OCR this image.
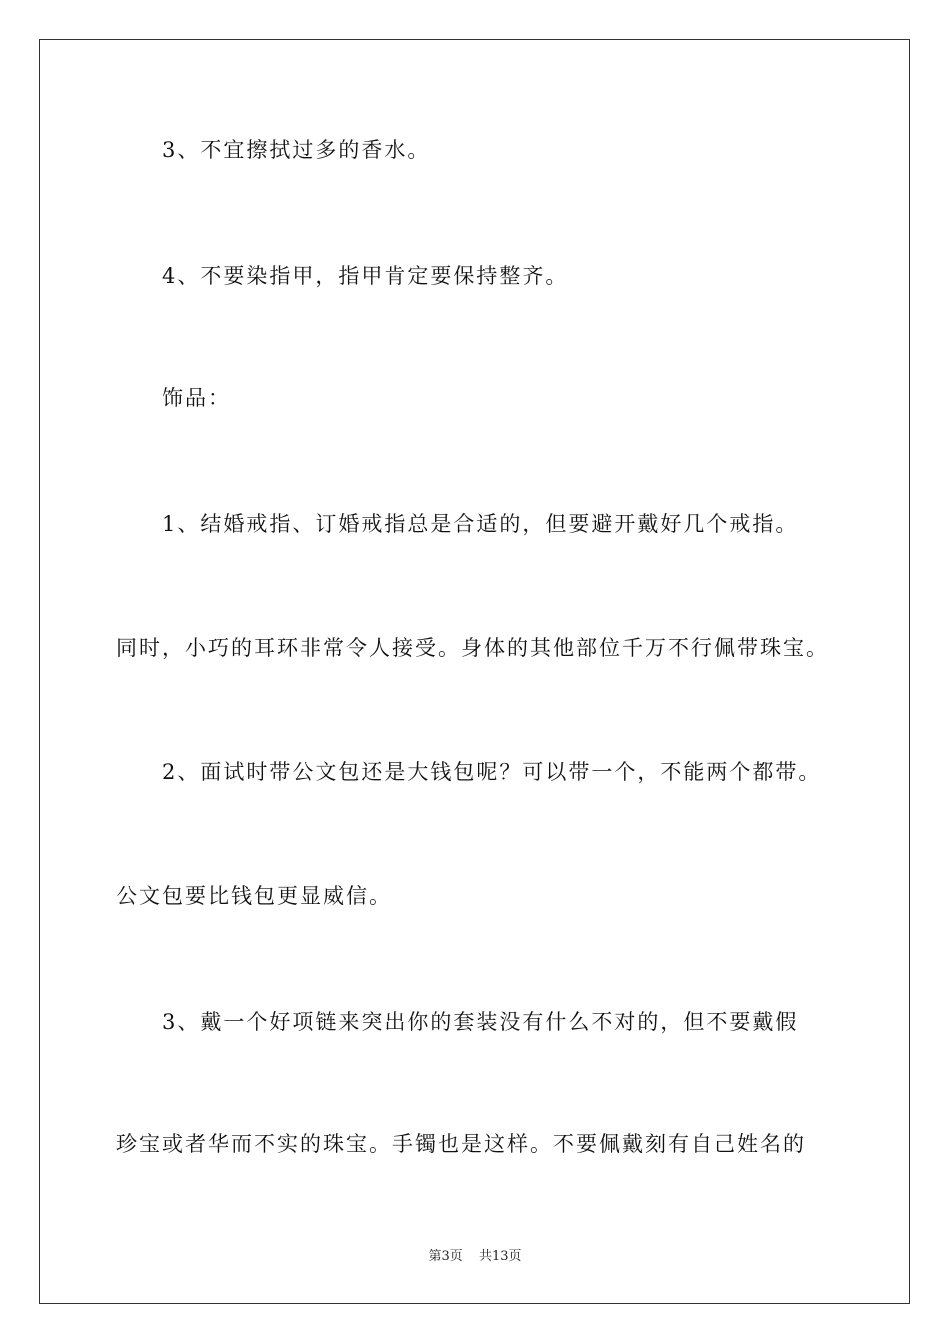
3、不宜擦拭过多的香水。
4、不要染指甲，指甲肯定要保持整齐。
饰品：
1、结婚戒指、订婚戒指总是合适的，但要避开戴好几个戒指。
同时，小巧的耳环非常令人接受。身体的其他部位千万不行佩带珠宝。
2、面试时带公文包还是大钱包呢？可以带一个，不能两个都带。
公文包要比钱包更显威信。
3、戴一个好项链来突出你的套装没有什么不对的，但不要戴假
珍宝或者华而不实的珠宝。手镯也是这样。不要佩戴刻有自己姓名的
第3页 共13页
